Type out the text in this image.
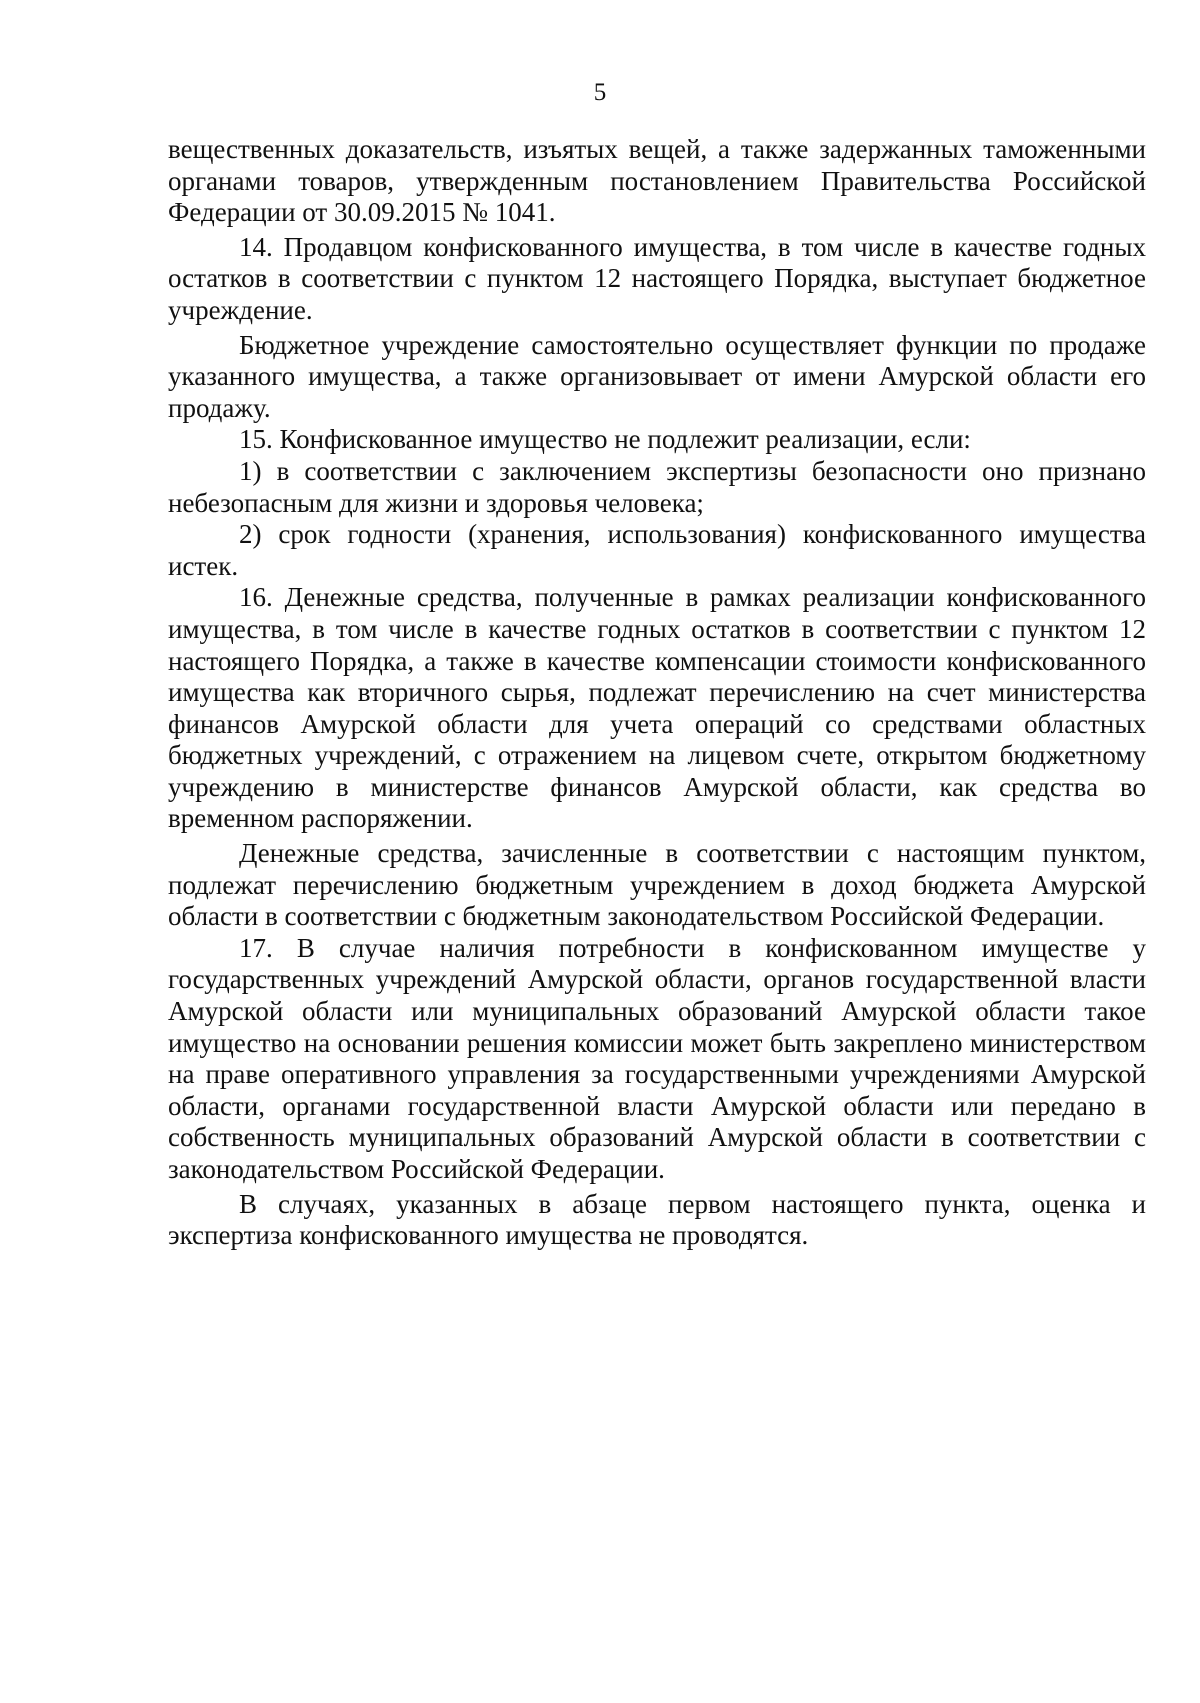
5

вещественных доказательств, изъятых вещей, а также задержанных таможенными органами товаров, утвержденным постановлением Правительства Российской Федерации от 30.09.2015 № 1041.

14. Продавцом конфискованного имущества, в том числе в качестве годных остатков в соответствии с пунктом 12 настоящего Порядка, выступает бюджетное учреждение.

Бюджетное учреждение самостоятельно осуществляет функции по продаже указанного имущества, а также организовывает от имени Амурской области его продажу.

15. Конфискованное имущество не подлежит реализации, если:

1) в соответствии с заключением экспертизы безопасности оно признано небезопасным для жизни и здоровья человека;

2) срок годности (хранения, использования) конфискованного имущества истек.

16. Денежные средства, полученные в рамках реализации конфискованного имущества, в том числе в качестве годных остатков в соответствии с пунктом 12 настоящего Порядка, а также в качестве компенсации стоимости конфискованного имущества как вторичного сырья, подлежат перечислению на счет министерства финансов Амурской области для учета операций со средствами областных бюджетных учреждений, с отражением на лицевом счете, открытом бюджетному учреждению в министерстве финансов Амурской области, как средства во временном распоряжении.

Денежные средства, зачисленные в соответствии с настоящим пунктом, подлежат перечислению бюджетным учреждением в доход бюджета Амурской области в соответствии с бюджетным законодательством Российской Федерации.

17. В случае наличия потребности в конфискованном имуществе у государственных учреждений Амурской области, органов государственной власти Амурской области или муниципальных образований Амурской области такое имущество на основании решения комиссии может быть закреплено министерством на праве оперативного управления за государственными учреждениями Амурской области, органами государственной власти Амурской области или передано в собственность муниципальных образований Амурской области в соответствии с законодательством Российской Федерации.

В случаях, указанных в абзаце первом настоящего пункта, оценка и экспертиза конфискованного имущества не проводятся.
